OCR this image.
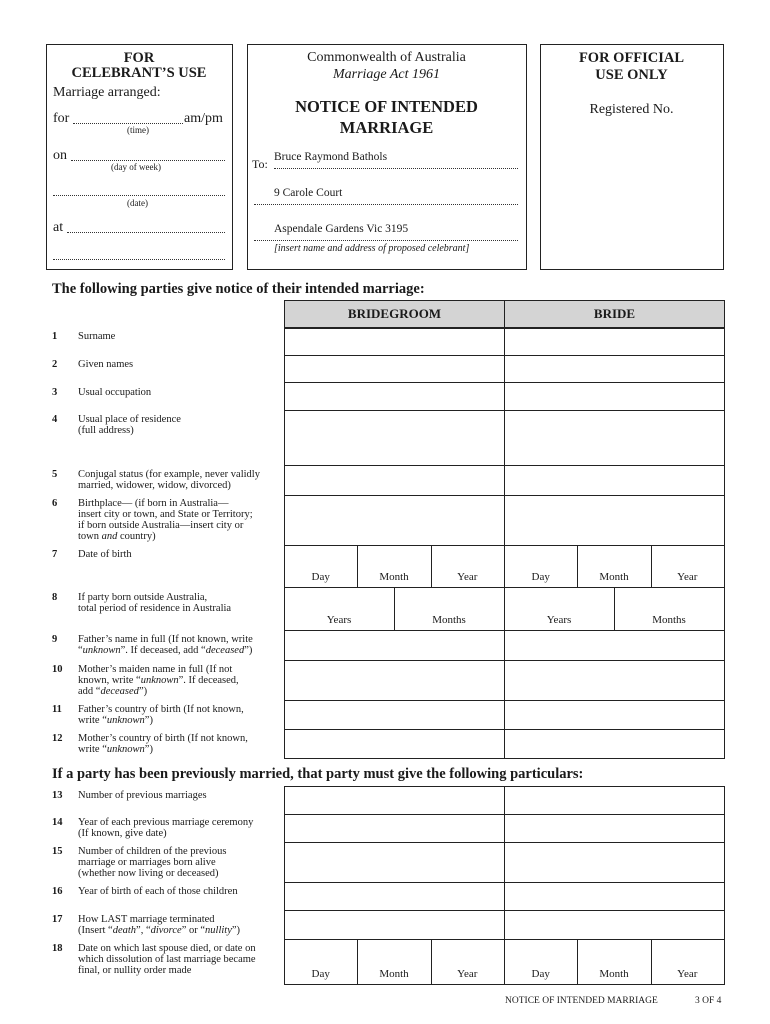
FOR
CELEBRANT’S USE
Marriage arranged:
for	am/pm
(time)
on
(day of week)
(date)
at
Commonwealth of Australia
Marriage Act 1961
NOTICE OF INTENDED
MARRIAGE
To: Bruce Raymond Bathols
9 Carole Court
Aspendale Gardens Vic 3195
[insert name and address of proposed celebrant]
FOR OFFICIAL
USE ONLY
Registered No.
The following parties give notice of their intended marriage:
BRIDEGROOM	BRIDE
1 Surname
2 Given names
3 Usual occupation
4 Usual place of residence
(full address)
5 Conjugal status (for example, never validly
married, widower, widow, divorced)
6 Birthplace— (if born in Australia—
insert city or town, and State or Territory;
if born outside Australia—insert city or
town and country)
7 Date of birth
Day	Month	Year	Day	Month	Year
8 If party born outside Australia,
total period of residence in Australia
Years	Months	Years	Months
9 Father’s name in full (If not known, write
“unknown”. If deceased, add “deceased”)
10 Mother’s maiden name in full (If not
known, write “unknown”. If deceased,
add “deceased”)
11 Father’s country of birth (If not known,
write “unknown”)
12 Mother’s country of birth (If not known,
write “unknown”)
If a party has been previously married, that party must give the following particulars:
13 Number of previous marriages
14 Year of each previous marriage ceremony
(If known, give date)
15 Number of children of the previous
marriage or marriages born alive
(whether now living or deceased)
16 Year of birth of each of those children
17 How LAST marriage terminated
(Insert “death”, “divorce” or “nullity”)
18 Date on which last spouse died, or date on
which dissolution of last marriage became
final, or nullity order made	Day	Month	Year	Day	Month	Year
NOTICE OF INTENDED MARRIAGE	3 OF 4
